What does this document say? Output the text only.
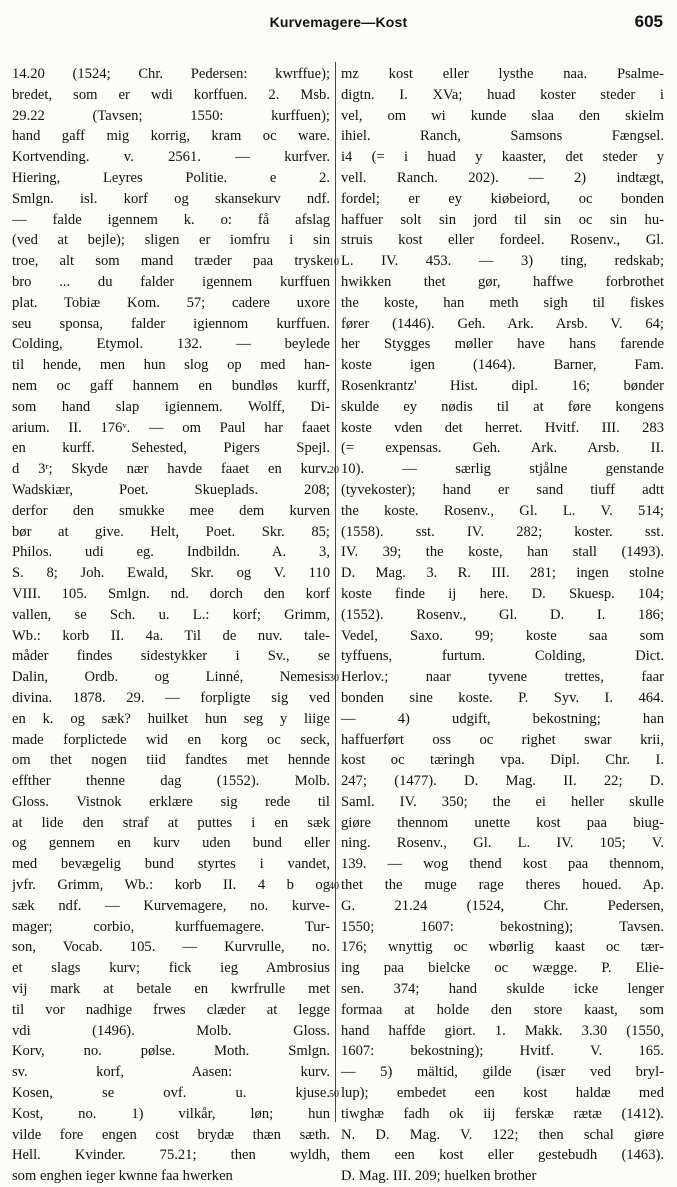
Kurvemagere—Kost	605
14.20 (1524; Chr. Pedersen: kwrffue);
bredet, som er wdi korffuen. 2. Msb.
29.22 (Tavsen; 1550: kurffuen);
hand gaff mig korrig, kram oc ware.
Kortvending. v. 2561. — kurfver.
Hiering, Leyres Politie. e 2.
Smlgn. isl. korf og skansekurv ndf.
— falde igennem k. o: få afslag
(ved at bejle); sligen er iomfru i sin
troe, alt som mand træder paa tryske
bro ... du falder igennem kurffuen
plat. Tobiæ Kom. 57; cadere uxore
seu sponsa, falder igiennom kurffuen.
Colding, Etymol. 132. — beylede
til hende, men hun slog op med han-
nem oc gaff hannem en bundløs kurff,
som hand slap igiennem. Wolff, Di-
arium. II. 176ᵛ. — om Paul har faaet
en kurff. Sehested, Pigers Spejl.
d 3ʳ; Skyde nær havde faaet en kurv.
Wadskiær, Poet. Skueplads. 208;
derfor den smukke mee dem kurven
bør at give. Helt, Poet. Skr. 85;
Philos. udi eg. Indbildn. A. 3,
S. 8; Joh. Ewald, Skr. og V. 110
VIII. 105. Smlgn. nd. dorch den korf
vallen, se Sch. u. L.: korf; Grimm,
Wb.: korb II. 4a. Til de nuv. tale-
måder findes sidestykker i Sv., se
Dalin, Ordb. og Linné, Nemesis
divina. 1878. 29. — forpligte sig ved
en k. og sæk? huilket hun seg y liige
made forplictede wid en korg oc seck,
om thet nogen tiid fandtes met hennde
effther thenne dag (1552). Molb.
Gloss. Vistnok erklære sig rede til
at lide den straf at puttes i en sæk
og gennem en kurv uden bund eller
med bevægelig bund styrtes i vandet,
jvfr. Grimm, Wb.: korb II. 4 b og
sæk ndf. — Kurvemagere, no. kurve-
mager; corbio, kurffuemagere. Tur-
son, Vocab. 105. — Kurvrulle, no.
et slags kurv; fick ieg Ambrosius
vij mark at betale en kwrfrulle met
til vor nadhige frwes clæder at legge
vdi (1496). Molb. Gloss.
Korv, no. pølse. Moth. Smlgn.
sv. korf, Aasen: kurv.
Kosen, se ovf. u. kjuse.
Kost, no. 1) vilkår, løn; hun
vilde fore engen cost brydæ thæn sæth.
Hell. Kvinder. 75.21; then wyldh,
som enghen ieger kwnne faa hwerken
mz kost eller lysthe naa. Psalme-
digtn. I. XVa; huad koster steder i
vel, om wi kunde slaa den skielm
ihiel. Ranch, Samsons Fængsel.
i4 (= i huad y kaaster, det steder y
vell. Ranch. 202). — 2) indtægt,
fordel; er ey kiøbeiord, oc bonden
haffuer solt sin jord til sin oc sin hu-
struis kost eller fordeel. Rosenv., Gl.
L. IV. 453. — 3) ting, redskab;
hwikken thet gør, haffwe forbrothet
the koste, han meth sigh til fiskes
fører (1446). Geh. Ark. Arsb. V. 64;
her Stygges møller have hans farende
koste igen (1464). Barner, Fam.
Rosenkrantz' Hist. dipl. 16; bønder
skulde ey nødis til at føre kongens
koste vden det herret. Hvitf. III. 283
(= expensas. Geh. Ark. Arsb. II.
10). — særlig stjålne genstande
(tyvekoster); hand er sand tiuff adtt
the koste. Rosenv., Gl. L. V. 514;
(1558). sst. IV. 282; koster. sst.
IV. 39; the koste, han stall (1493).
D. Mag. 3. R. III. 281; ingen stolne
koste finde ij here. D. Skuesp. 104;
(1552). Rosenv., Gl. D. I. 186;
Vedel, Saxo. 99; koste saa som
tyffuens, furtum. Colding, Dict.
Herlov.; naar tyvene trettes, faar
bonden sine koste. P. Syv. I. 464.
— 4) udgift, bekostning; han
haffuerført oss oc righet swar krii,
kost oc tæringh vpa. Dipl. Chr. I.
247; (1477). D. Mag. II. 22; D.
Saml. IV. 350; the ei heller skulle
giøre thennom unette kost paa biug-
ning. Rosenv., Gl. L. IV. 105; V.
139. — wog thend kost paa thennom,
thet the muge rage theres houed. Ap.
G. 21.24 (1524, Chr. Pedersen,
1550; 1607: bekostning); Tavsen.
176; wnyttig oc wbørlig kaast oc tær-
ing paa bielcke oc wægge. P. Elie-
sen. 374; hand skulde icke lenger
formaa at holde den store kaast, som
hand haffde giort. 1. Makk. 3.30 (1550,
1607: bekostning); Hvitf. V. 165.
— 5) mältid, gilde (især ved bryl-
lup); embedet een kost haldæ med
tiwghæ fadh ok iij ferskæ rætæ (1412).
N. D. Mag. V. 122; then schal giøre
them een kost eller gestebudh (1463).
D. Mag. III. 209; huelken brother
10
20
30
40
50
